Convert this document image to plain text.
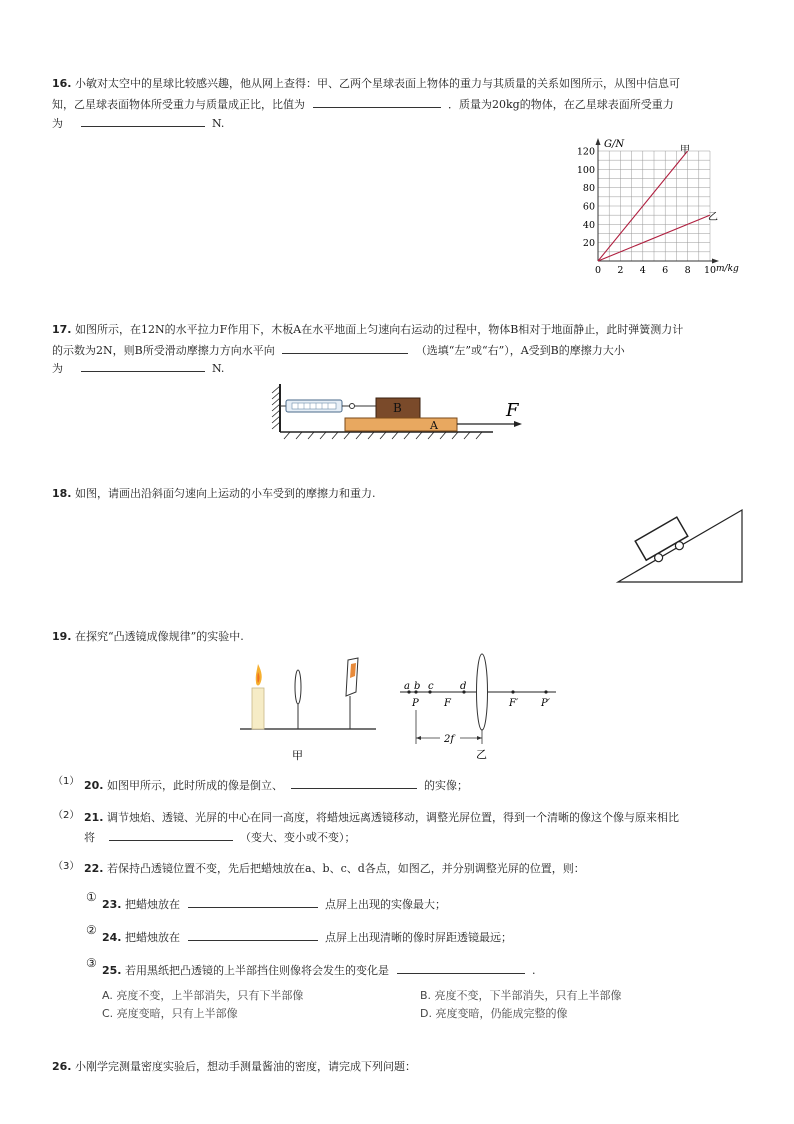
16. 小敏对太空中的星球比较感兴趣，他从网上查得：甲、乙两个星球表面上物体的重力与其质量的关系如图所示，从图中信息可
知，乙星球表面物体所受重力与质量成正比，比值为	．质量为20kg的物体，在乙星球表面所受重力
为	N.
120
100
80
60
40
20
0 2 4 6 8 10
G/N
m/kg
甲
乙
17. 如图所示，在12N的水平拉力F作用下，木板A在水平地面上匀速向右运动的过程中，物体B相对于地面静止，此时弹簧测力计
的示数为2N，则B所受滑动摩擦力方向水平向	（选填“左”或“右”），A受到B的摩擦力大小
为	N.
B
A
F
18. 如图，请画出沿斜面匀速向上运动的小车受到的摩擦力和重力.
19. 在探究“凸透镜成像规律”的实验中.
甲
a b c	d
P	F	F′ P′
2f
乙
（1） 20. 如图甲所示，此时所成的像是倒立、	的实像；
（2） 21. 调节烛焰、透镜、光屏的中心在同一高度，将蜡烛远离透镜移动，调整光屏位置，得到一个清晰的像这个像与原来相比
将	（变大、变小或不变）；
（3） 22. 若保持凸透镜位置不变，先后把蜡烛放在a、b、c、d各点，如图乙，并分别调整光屏的位置，则：
①
23. 把蜡烛放在	点屏上出现的实像最大；
②
24. 把蜡烛放在	点屏上出现清晰的像时屏距透镜最远；
③
25. 若用黑纸把凸透镜的上半部挡住则像将会发生的变化是	.
A. 亮度不变，上半部消失，只有下半部像	B. 亮度不变，下半部消失，只有上半部像
C. 亮度变暗，只有上半部像	D. 亮度变暗，仍能成完整的像
26. 小刚学完测量密度实验后，想动手测量酱油的密度，请完成下列问题：
